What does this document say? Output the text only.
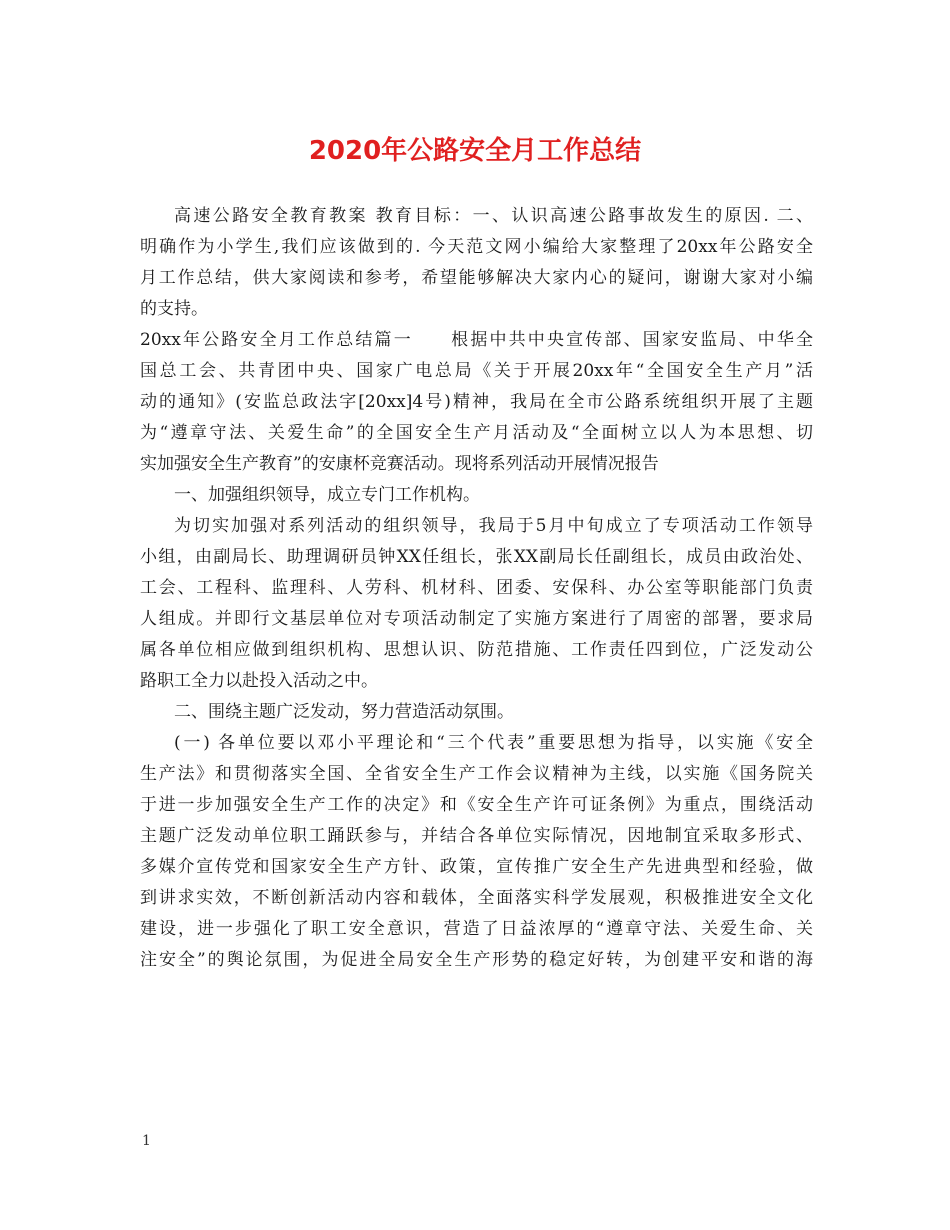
2020年公路安全月工作总结
高速公路安全教育教案 教育目标：一、认识高速公路事故发生的原因. 二、
明确作为小学生,我们应该做到的. 今天范文网小编给大家整理了20xx年公路安全
月工作总结，供大家阅读和参考，希望能够解决大家内心的疑问，谢谢大家对小编
的支持。
20xx年公路安全月工作总结篇一　　根据中共中央宣传部、国家安监局、中华全
国总工会、共青团中央、国家广电总局《关于开展20xx年“全国安全生产月”活
动的通知》(安监总政法字[20xx]4号)精神，我局在全市公路系统组织开展了主题
为“遵章守法、关爱生命”的全国安全生产月活动及“全面树立以人为本思想、切
实加强安全生产教育”的安康杯竞赛活动。现将系列活动开展情况报告
一、加强组织领导，成立专门工作机构。
为切实加强对系列活动的组织领导，我局于5月中旬成立了专项活动工作领导
小组，由副局长、助理调研员钟XX任组长，张XX副局长任副组长，成员由政治处、
工会、工程科、监理科、人劳科、机材科、团委、安保科、办公室等职能部门负责
人组成。并即行文基层单位对专项活动制定了实施方案进行了周密的部署，要求局
属各单位相应做到组织机构、思想认识、防范措施、工作责任四到位，广泛发动公
路职工全力以赴投入活动之中。
二、围绕主题广泛发动，努力营造活动氛围。
(一) 各单位要以邓小平理论和“三个代表”重要思想为指导，以实施《安全
生产法》和贯彻落实全国、全省安全生产工作会议精神为主线，以实施《国务院关
于进一步加强安全生产工作的决定》和《安全生产许可证条例》为重点，围绕活动
主题广泛发动单位职工踊跃参与，并结合各单位实际情况，因地制宜采取多形式、
多媒介宣传党和国家安全生产方针、政策，宣传推广安全生产先进典型和经验，做
到讲求实效，不断创新活动内容和载体，全面落实科学发展观，积极推进安全文化
建设，进一步强化了职工安全意识，营造了日益浓厚的“遵章守法、关爱生命、关
注安全”的舆论氛围，为促进全局安全生产形势的稳定好转，为创建平安和谐的海
1
